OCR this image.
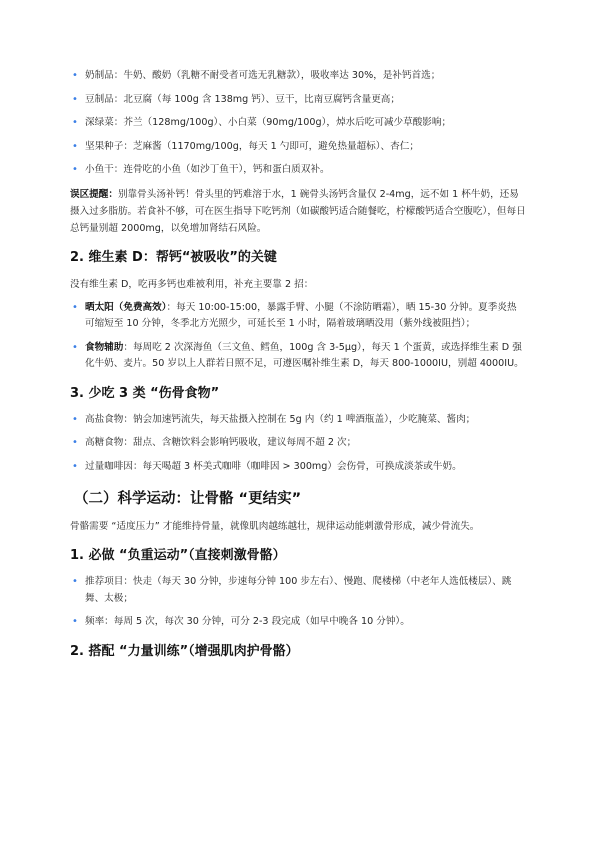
• 奶制品：牛奶、酸奶（乳糖不耐受者可选无乳糖款），吸收率达 30%，是补钙首选；
• 豆制品：北豆腐（每 100g 含 138mg 钙）、豆干，比南豆腐钙含量更高；
• 深绿菜：芥兰（128mg/100g）、小白菜（90mg/100g），焯水后吃可减少草酸影响；
• 坚果种子：芝麻酱（1170mg/100g，每天 1 勺即可，避免热量超标）、杏仁；
• 小鱼干：连骨吃的小鱼（如沙丁鱼干），钙和蛋白质双补。

误区提醒：别靠骨头汤补钙！骨头里的钙难溶于水，1 碗骨头汤钙含量仅 2-4mg，远不如 1 杯牛奶，还易摄入过多脂肪。若食补不够，可在医生指导下吃钙剂（如碳酸钙适合随餐吃，柠檬酸钙适合空腹吃），但每日总钙量别超 2000mg，以免增加肾结石风险。

2. 维生素 D：帮钙“被吸收”的关键

没有维生素 D，吃再多钙也难被利用，补充主要靠 2 招：

• 晒太阳（免费高效）：每天 10:00-15:00，暴露手臂、小腿（不涂防晒霜），晒 15-30 分钟。夏季炎热可缩短至 10 分钟，冬季北方光照少，可延长至 1 小时，隔着玻璃晒没用（紫外线被阻挡）；
• 食物辅助：每周吃 2 次深海鱼（三文鱼、鳕鱼，100g 含 3-5μg），每天 1 个蛋黄，或选择维生素 D 强化牛奶、麦片。50 岁以上人群若日照不足，可遵医嘱补维生素 D，每天 800-1000IU，别超 4000IU。
3. 少吃 3 类 “伤骨食物”
• 高盐食物：钠会加速钙流失，每天盐摄入控制在 5g 内（约 1 啤酒瓶盖），少吃腌菜、酱肉；
• 高糖食物：甜点、含糖饮料会影响钙吸收，建议每周不超 2 次；
• 过量咖啡因：每天喝超 3 杯美式咖啡（咖啡因 > 300mg）会伤骨，可换成淡茶或牛奶。
（二）科学运动：让骨骼 “更结实”

骨骼需要 “适度压力” 才能维持骨量，就像肌肉越练越壮，规律运动能刺激骨形成，减少骨流失。

1. 必做 “负重运动”（直接刺激骨骼）
• 推荐项目：快走（每天 30 分钟，步速每分钟 100 步左右）、慢跑、爬楼梯（中老年人选低楼层）、跳舞、太极；
• 频率：每周 5 次，每次 30 分钟，可分 2-3 段完成（如早中晚各 10 分钟）。
2. 搭配 “力量训练”（增强肌肉护骨骼）
